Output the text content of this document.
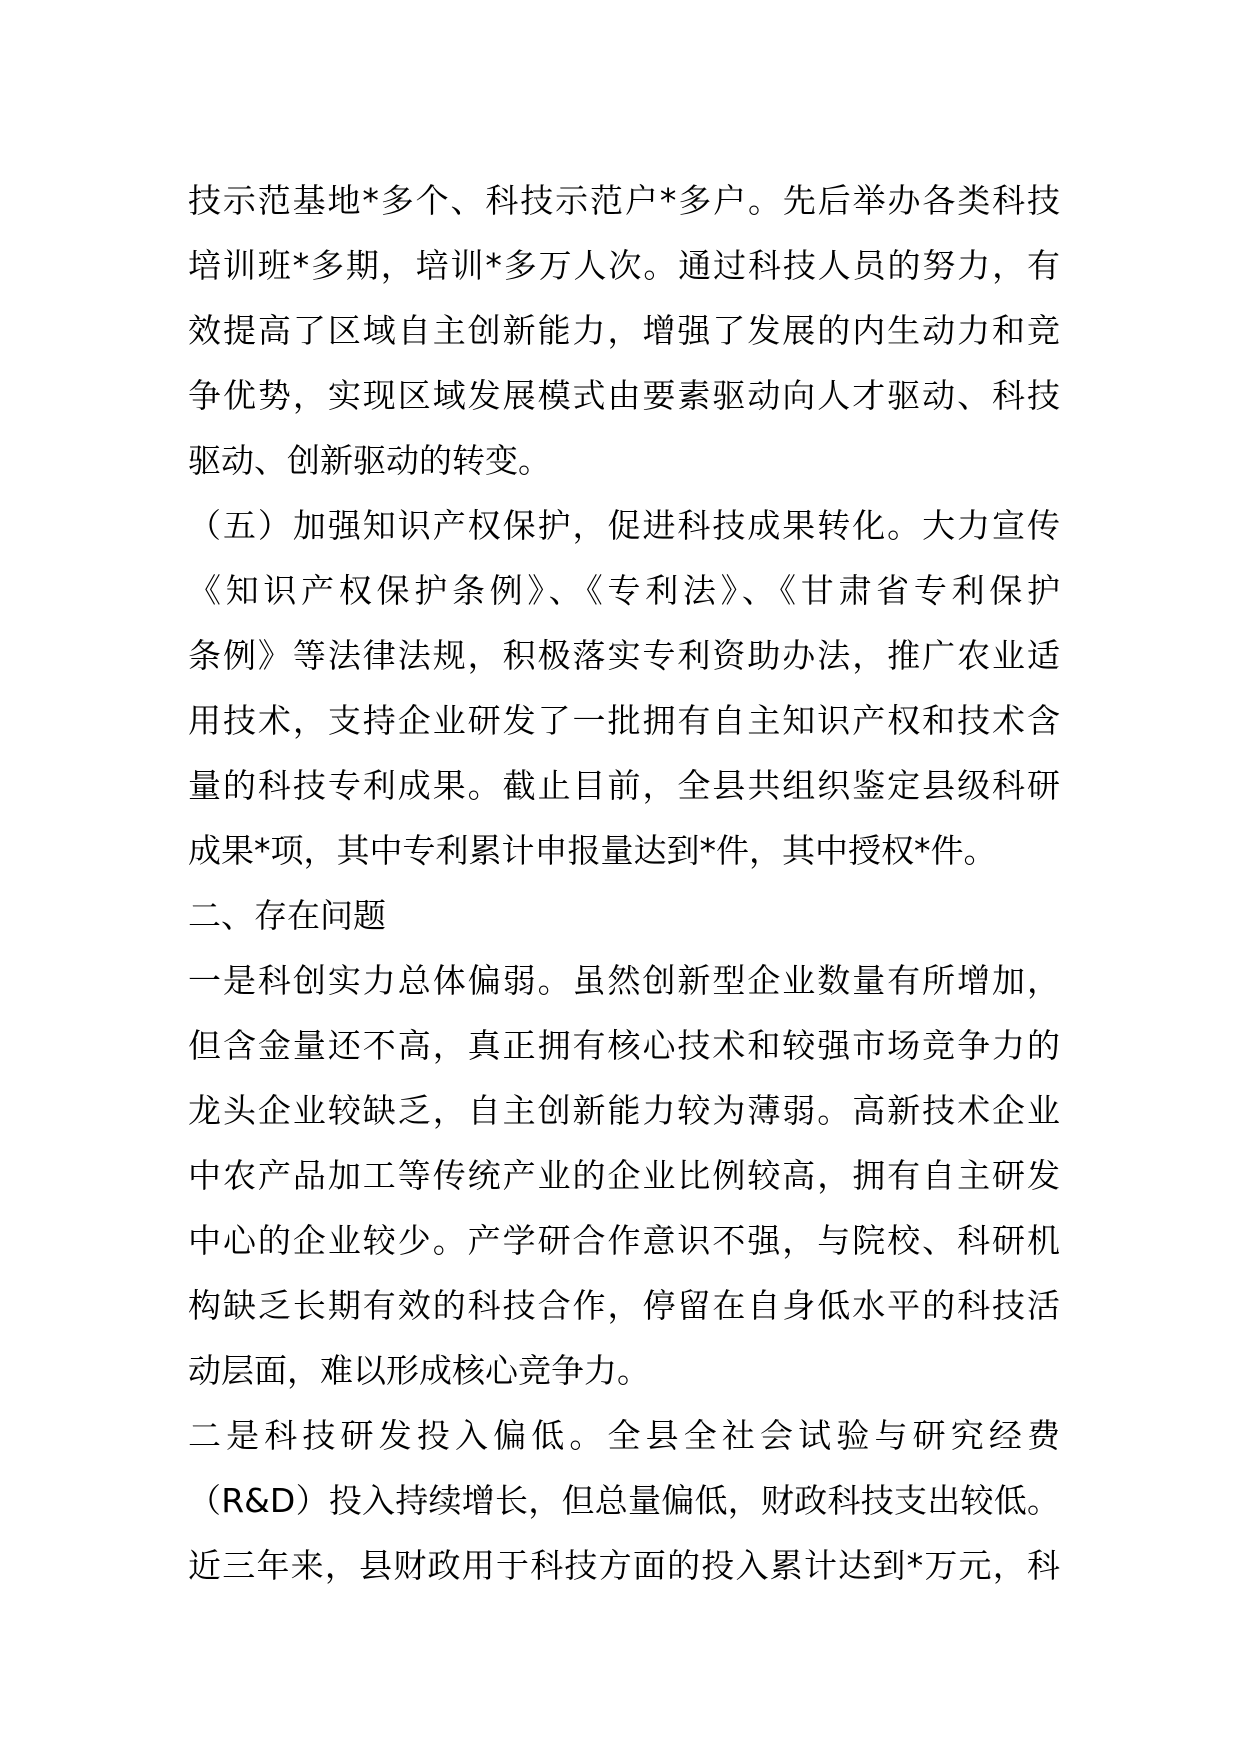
技示范基地*多个、科技示范户*多户。先后举办各类科技
培训班*多期，培训*多万人次。通过科技人员的努力，有
效提高了区域自主创新能力，增强了发展的内生动力和竞
争优势，实现区域发展模式由要素驱动向人才驱动、科技
驱动、创新驱动的转变。
（五）加强知识产权保护，促进科技成果转化。大力宣传
《知识产权保护条例》、《专利法》、《甘肃省专利保护
条例》等法律法规，积极落实专利资助办法，推广农业适
用技术，支持企业研发了一批拥有自主知识产权和技术含
量的科技专利成果。截止目前，全县共组织鉴定县级科研
成果*项，其中专利累计申报量达到*件，其中授权*件。
二、存在问题
一是科创实力总体偏弱。虽然创新型企业数量有所增加，
但含金量还不高，真正拥有核心技术和较强市场竞争力的
龙头企业较缺乏，自主创新能力较为薄弱。高新技术企业
中农产品加工等传统产业的企业比例较高，拥有自主研发
中心的企业较少。产学研合作意识不强，与院校、科研机
构缺乏长期有效的科技合作，停留在自身低水平的科技活
动层面，难以形成核心竞争力。
二是科技研发投入偏低。全县全社会试验与研究经费
（R&D）投入持续增长，但总量偏低，财政科技支出较低。
近三年来，县财政用于科技方面的投入累计达到*万元，科
